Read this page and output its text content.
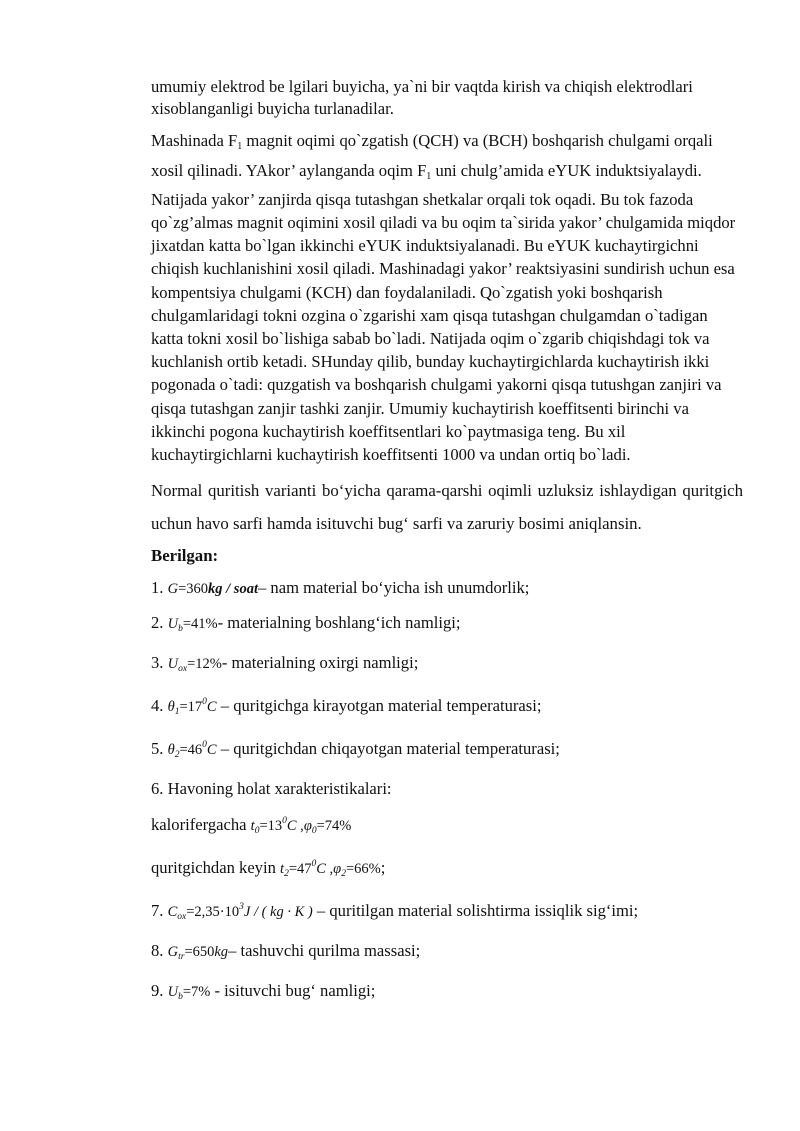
umumiy elektrod be lgilari buyicha, ya`ni bir vaqtda kirish va chiqish elektrodlari xisoblanganligi buyicha turlanadilar.

Mashinada F1 magnit oqimi qo`zgatish (QCH) va (BCH) boshqarish chulgami orqali xosil qilinadi. YAkor’ aylanganda oqim F1 uni chulg’amida eYUK induktsiyalaydi. Natijada yakor’ zanjirda qisqa tutashgan shetkalar orqali tok oqadi. Bu tok fazoda qo`zg’almas magnit oqimini xosil qiladi va bu oqim ta`sirida yakor’ chulgamida miqdor jixatdan katta bo`lgan ikkinchi eYUK induktsiyalanadi. Bu eYUK kuchaytirgichni chiqish kuchlanishini xosil qiladi. Mashinadagi yakor’ reaktsiyasini sundirish uchun esa kompentsiya chulgami (KCH) dan foydalaniladi. Qo`zgatish yoki boshqarish chulgamlaridagi tokni ozgina o`zgarishi xam qisqa tutashgan chulgamdan o`tadigan katta tokni xosil bo`lishiga sabab bo`ladi. Natijada oqim o`zgarib chiqishdagi tok va kuchlanish ortib ketadi. SHunday qilib, bunday kuchaytirgichlarda kuchaytirish ikki pogonada o`tadi: quzgatish va boshqarish chulgami yakorni qisqa tutushgan zanjiri va qisqa tutashgan zanjir tashki zanjir. Umumiy kuchaytirish koeffitsenti birinchi va ikkinchi pogona kuchaytirish koeffitsentlari ko`paytmasiga teng. Bu xil kuchaytirgichlarni kuchaytirish koeffitsenti 1000 va undan ortiq bo`ladi.

Normal quritish varianti bo‘yicha qarama-qarshi oqimli uzluksiz ishlaydigan quritgich uchun havo sarfi hamda isituvchi bug‘ sarfi va zaruriy bosimi aniqlansin.

Berilgan:

1. G=360kg / soat– nam material bo‘yicha ish unumdorlik;

2. $U_b=41\%-$ materialning boshlang‘ich namligi;

3. $U_{ox}=12\%-$ materialning oxirgi namligi;

4. $\theta_1=17^0C$ – quritgichga kirayotgan material temperaturasi;

5. $\theta_2=46^0C$ – quritgichdan chiqayotgan material temperaturasi;

6. Havoning holat xarakteristikalari:

kalorifergacha $t_0=13^0C$ $,\varphi_0=74\%$

quritgichdan keyin $t_2=47^0C$ $,\varphi_2=66\%$;

7. $C_{ox}=2,35\cdot 10^3J$ / ( kg · K ) – quritilgan material solishtirma issiqlik sig‘imi;

8. $G_{tr}=650kg-$ tashuvchi qurilma massasi;

9. $U_b=7\%$ - isituvchi bug‘ namligi;
